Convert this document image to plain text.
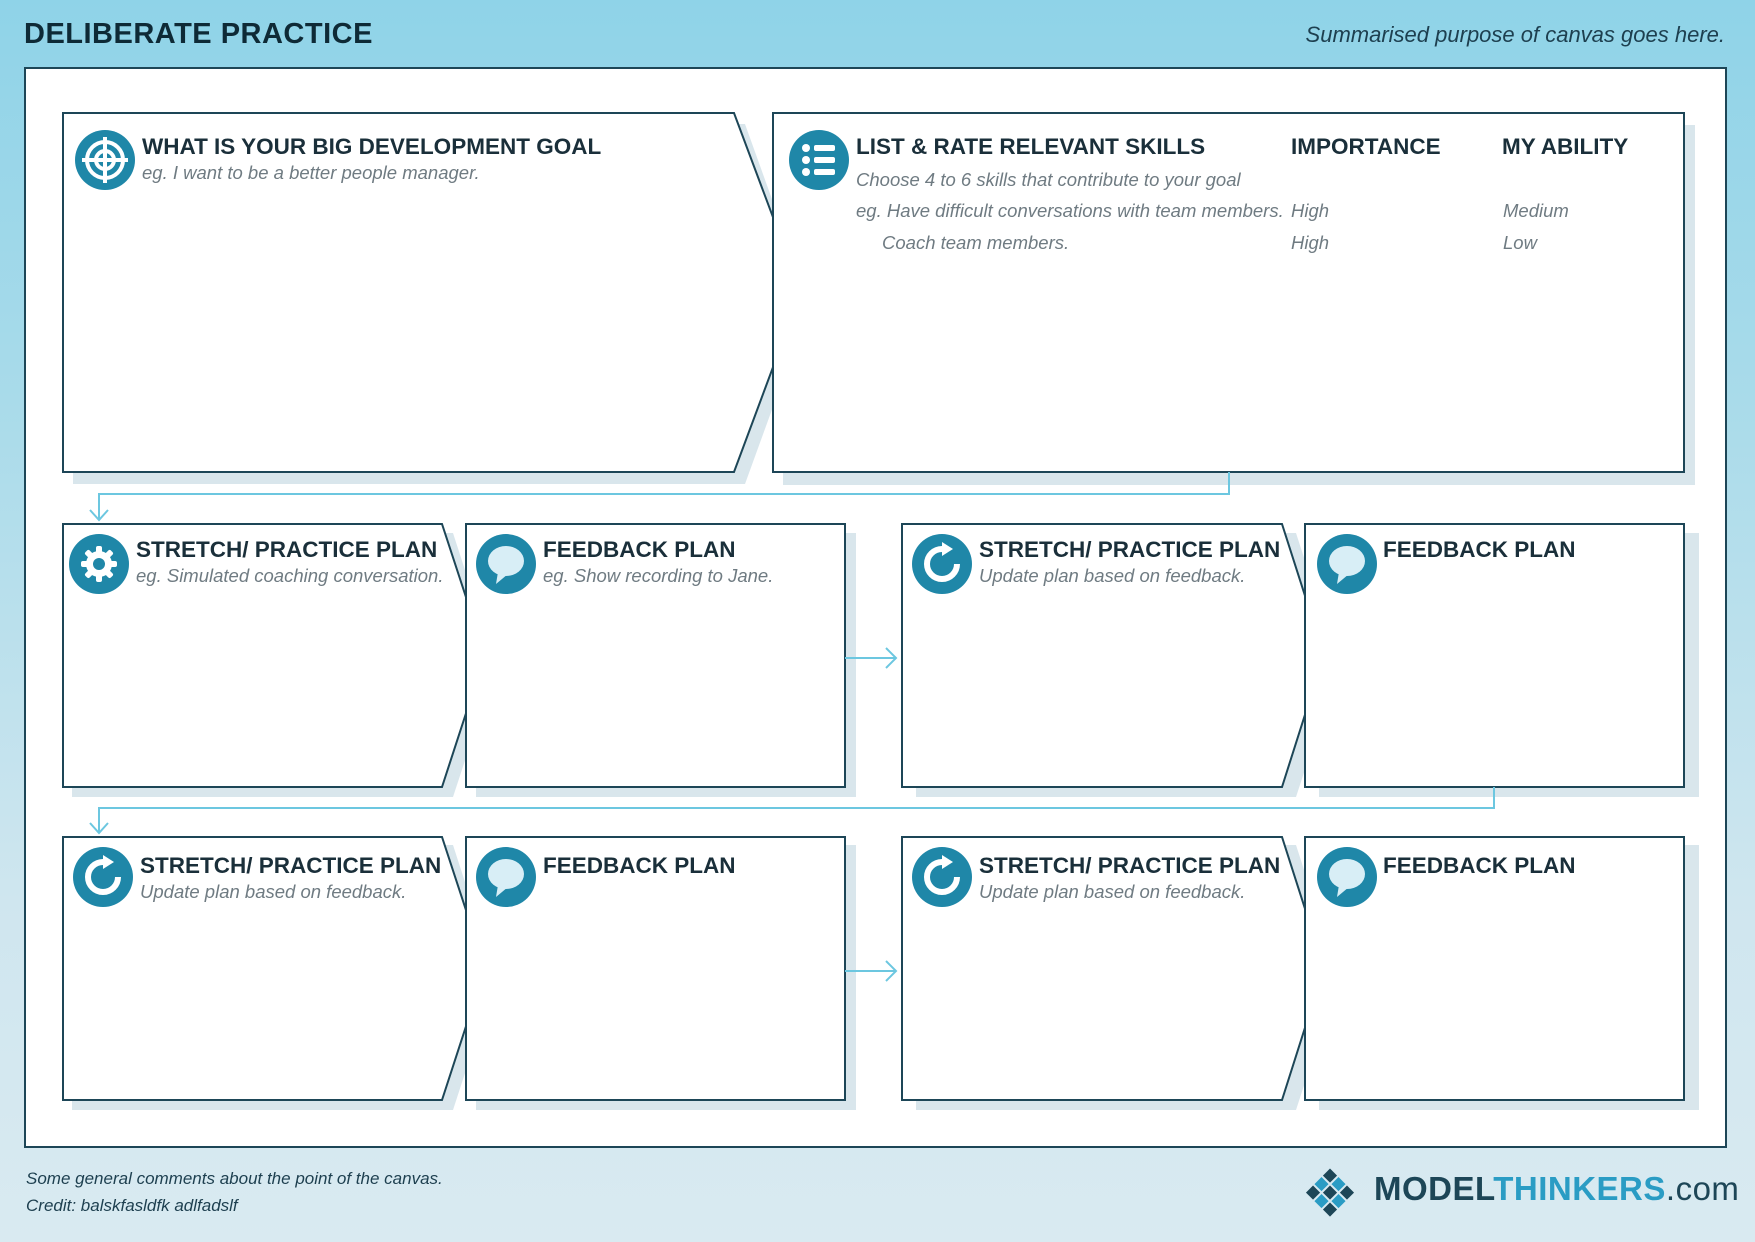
DELIBERATE PRACTICE	Summarised purpose of canvas goes here.
WHAT IS YOUR BIG DEVELOPMENT GOAL
eg. I want to be a better people manager.
LIST & RATE RELEVANT SKILLS	IMPORTANCE	MY ABILITY
Choose 4 to 6 skills that contribute to your goal
eg. Have difficult conversations with team members. High	Medium
Coach team members.	High	Low
STRETCH/ PRACTICE PLAN
eg. Simulated coaching conversation.
FEEDBACK PLAN
eg. Show recording to Jane.
STRETCH/ PRACTICE PLAN
Update plan based on feedback.
FEEDBACK PLAN
STRETCH/ PRACTICE PLAN
Update plan based on feedback.
FEEDBACK PLAN	STRETCH/ PRACTICE PLAN
Update plan based on feedback.
FEEDBACK PLAN
Some general comments about the point of the canvas.
Credit: balskfasldfk adlfadslf	MODELTHINKERS.com
